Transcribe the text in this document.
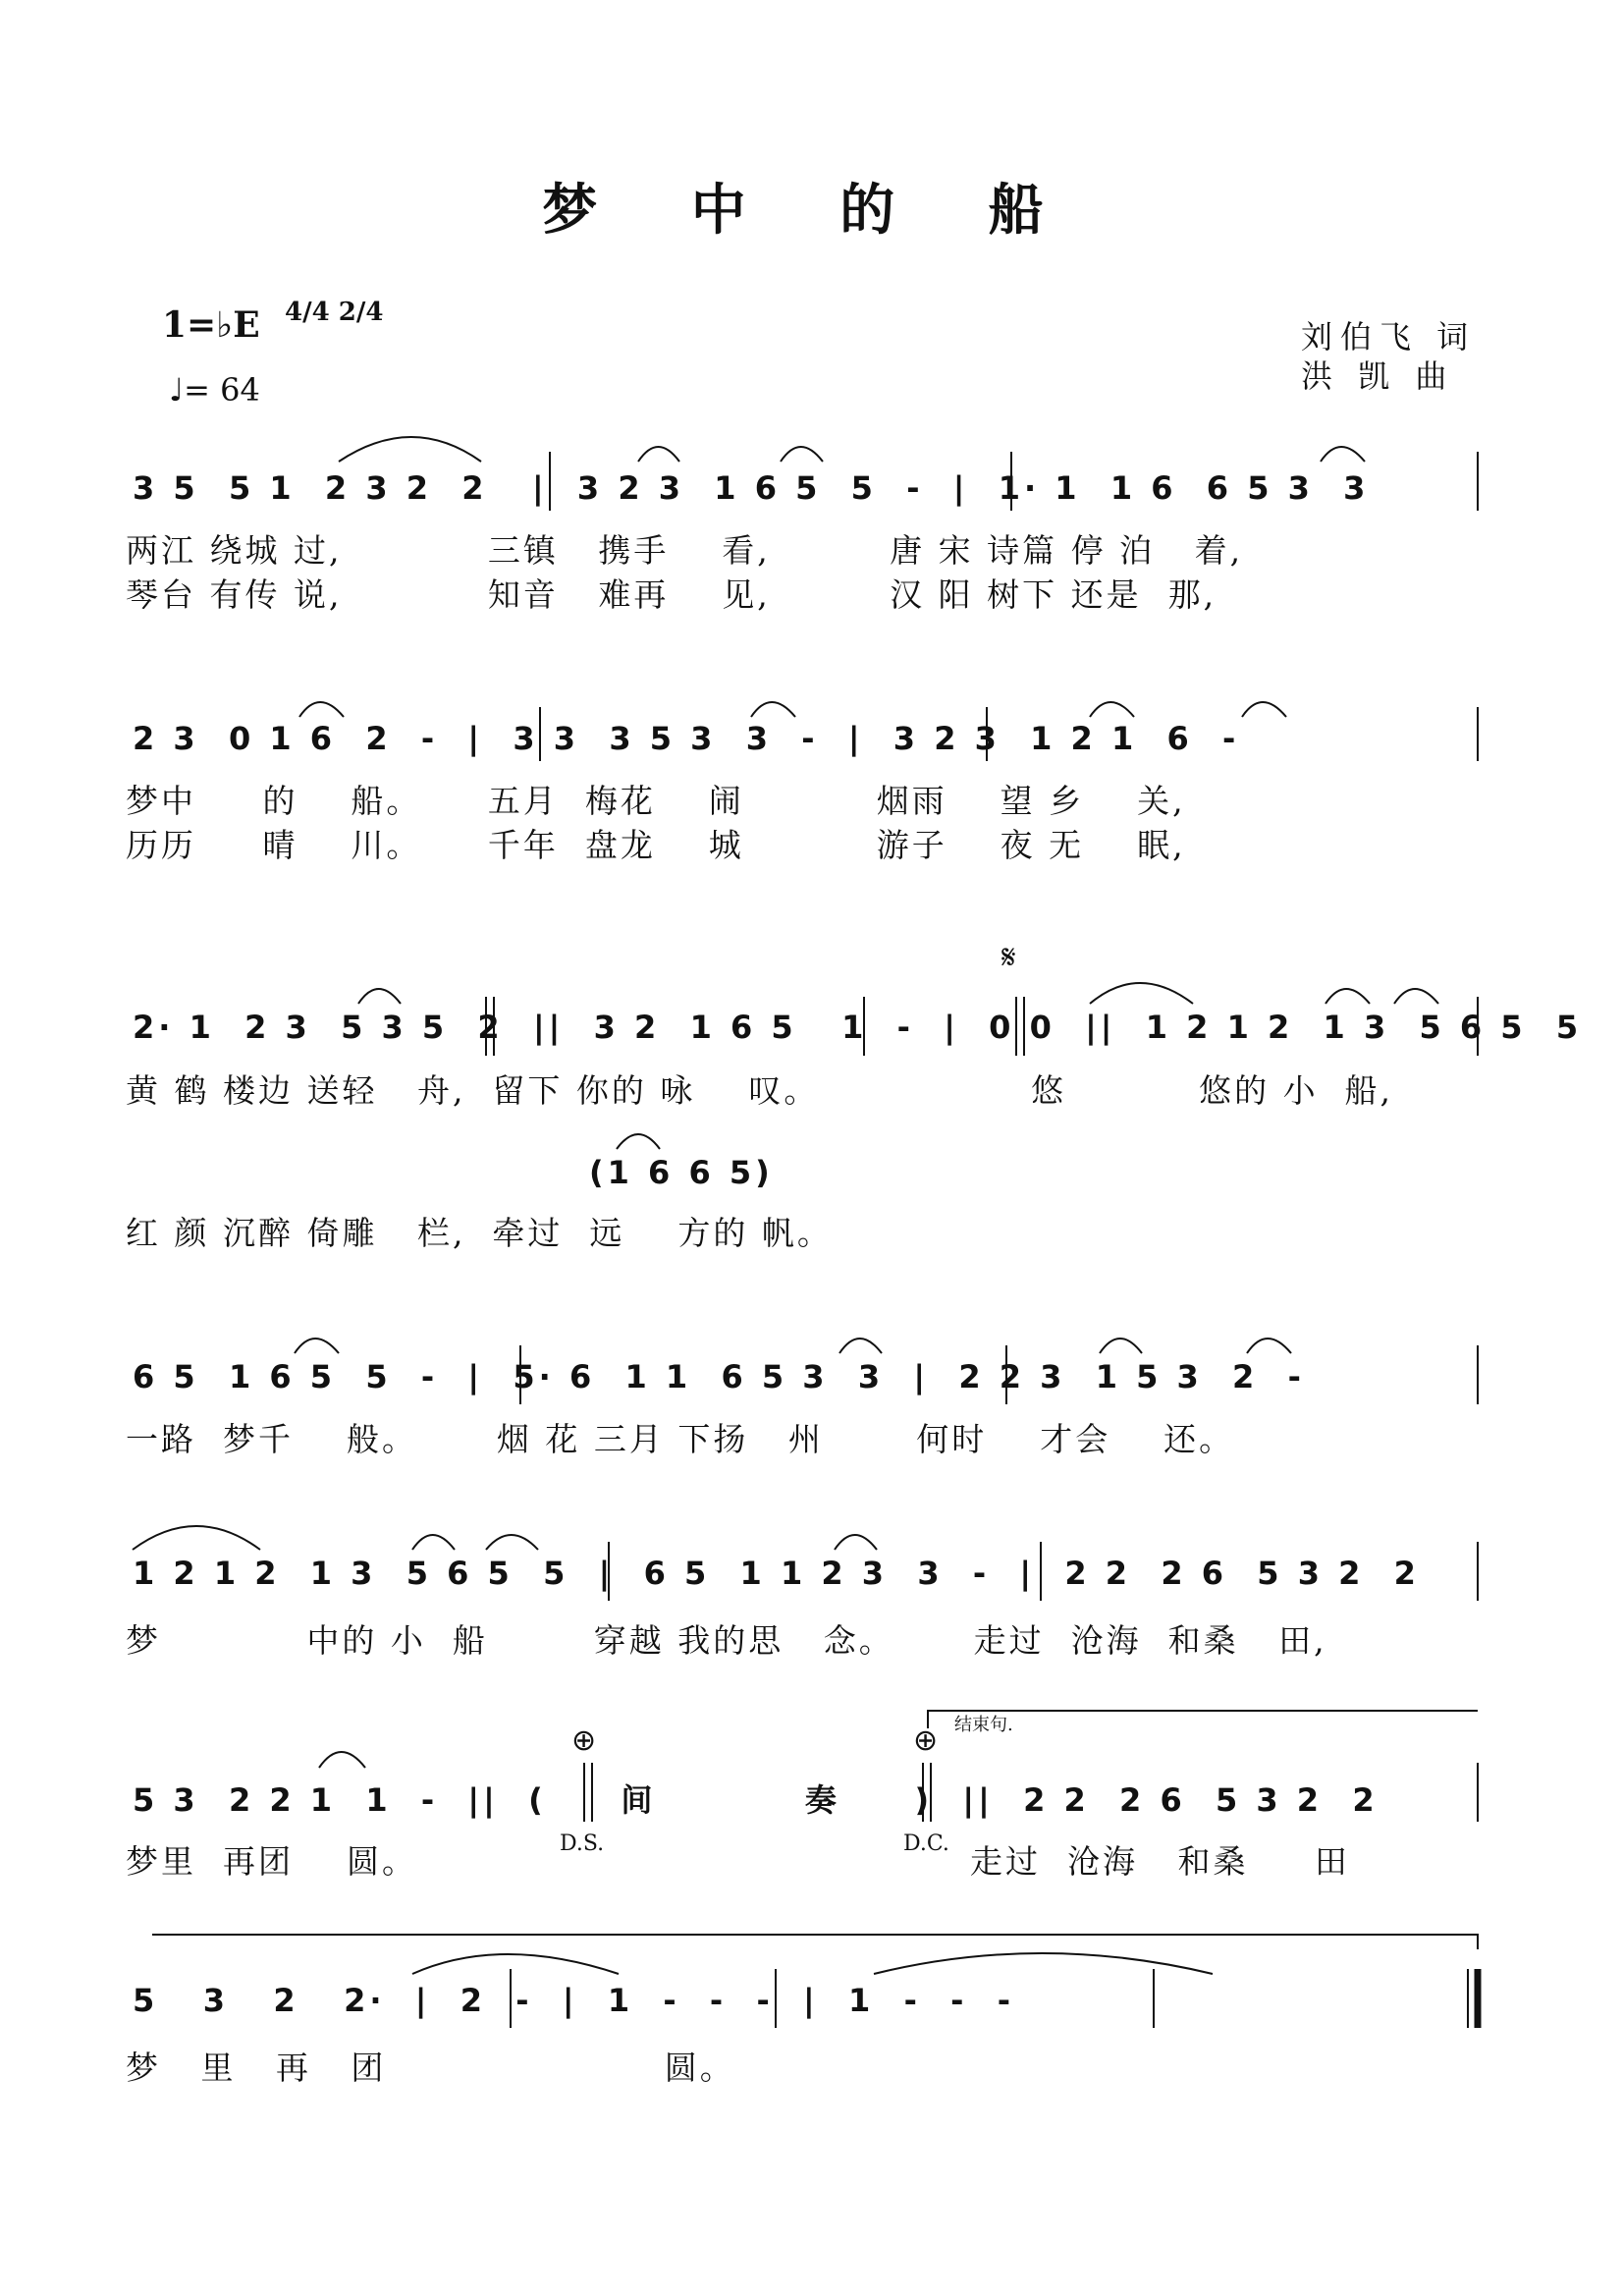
梦 中 的 船
1=♭E 4/4 2/4
♩= 64
刘伯飞 词
洪 凯 曲
3 5  5 1  2 3 2  2   |  3 2 3  1 6 5  5  -  |  1· 1  1 6  6 5 3  3
两江 绕城 过,           三镇   携手    看,         唐 宋 诗篇 停 泊   着,
琴台 有传 说,           知音   难再    见,         汉 阳 树下 还是  那,
2 3  0 1 6  2  -  |  3 3  3 5 3  3  -  |  3 2 3  1 2 1  6  -
梦中     的    船。     五月  梅花    闹          烟雨    望 乡    关,
历历     晴    川。     千年  盘龙    城          游子    夜 无    眠,
𝄋
2· 1  2 3  5 3 5  2  ||  3 2  1 6 5   1  -  |  0 0  ||  1 2 1 2  1 3  5 6 5  5
黄 鹤 楼边 送轻   舟,  留下 你的 咏    叹。                悠          悠的 小  船,
(1 6 6 5)
红 颜 沉醉 倚雕   栏,  牵过  远    方的 帆。
6 5  1 6 5  5  -  |  5· 6  1 1  6 5 3  3  |  2 2 3  1 5 3  2  -
一路  梦千    般。      烟 花 三月 下扬   州       何时    才会    还。
1 2 1 2  1 3  5 6 5  5  |  6 5  1 1 2 3  3  -  |  2 2  2 6  5 3 2  2
梦           中的 小  船        穿越 我的思   念。      走过  沧海  和桑   田,
结束句.
⊕	⊕
5 3  2 2 1  1  -  ||  (     间          奏     )  ||  2 2  2 6  5 3 2  2
梦里  再团    圆。	D.S.	D.C. 走过  沧海   和桑     田
5   3   2   2·  |  2  -  |  1  -  -  -  |  1  -  -  -
梦   里   再   团                     圆。
